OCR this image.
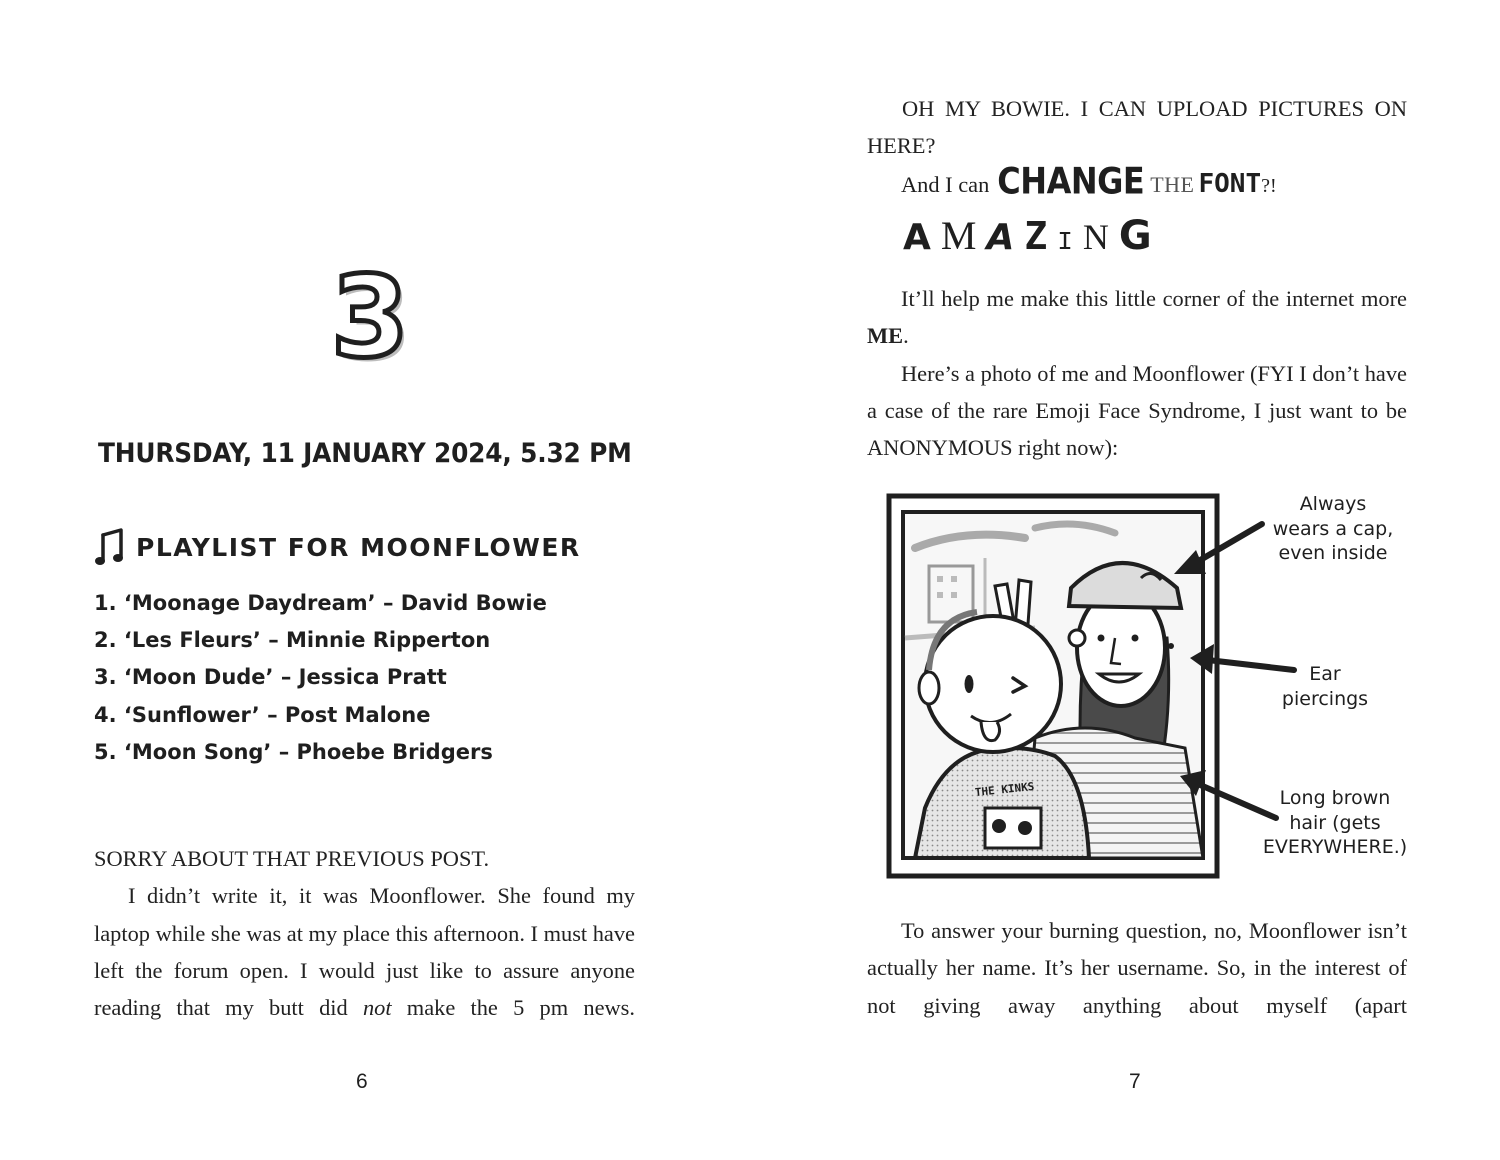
3
THURSDAY, 11 JANUARY 2024, 5.32 PM
PLAYLIST FOR MOONFLOWER
1. ‘Moonage Daydream’ – David Bowie
2. ‘Les Fleurs’ – Minnie Ripperton
3. ‘Moon Dude’ – Jessica Pratt
4. ‘Sunflower’ – Post Malone
5. ‘Moon Song’ – Phoebe Bridgers

SORRY ABOUT THAT PREVIOUS POST.

I didn’t write it, it was Moonflower. She found my laptop while she was at my place this afternoon. I must have left the forum open. I would just like to assure anyone reading that my butt did not make the 5 pm news.

6

OH MY BOWIE. I CAN UPLOAD PICTURES ON HERE?

And I can CHANGE THE FONT ?!
A M A Z I N G

It’ll help me make this little corner of the internet more ME.

Here’s a photo of me and Moonflower (FYI I don’t have a case of the rare Emoji Face Syndrome, I just want to be ANONYMOUS right now):

THE KINKS
Always
wears a cap,
even inside
Ear
piercings
Long brown
hair (gets
EVERYWHERE.)

To answer your burning question, no, Moonflower isn’t actually her name. It’s her username. So, in the interest of not giving away anything about myself (apart

7
